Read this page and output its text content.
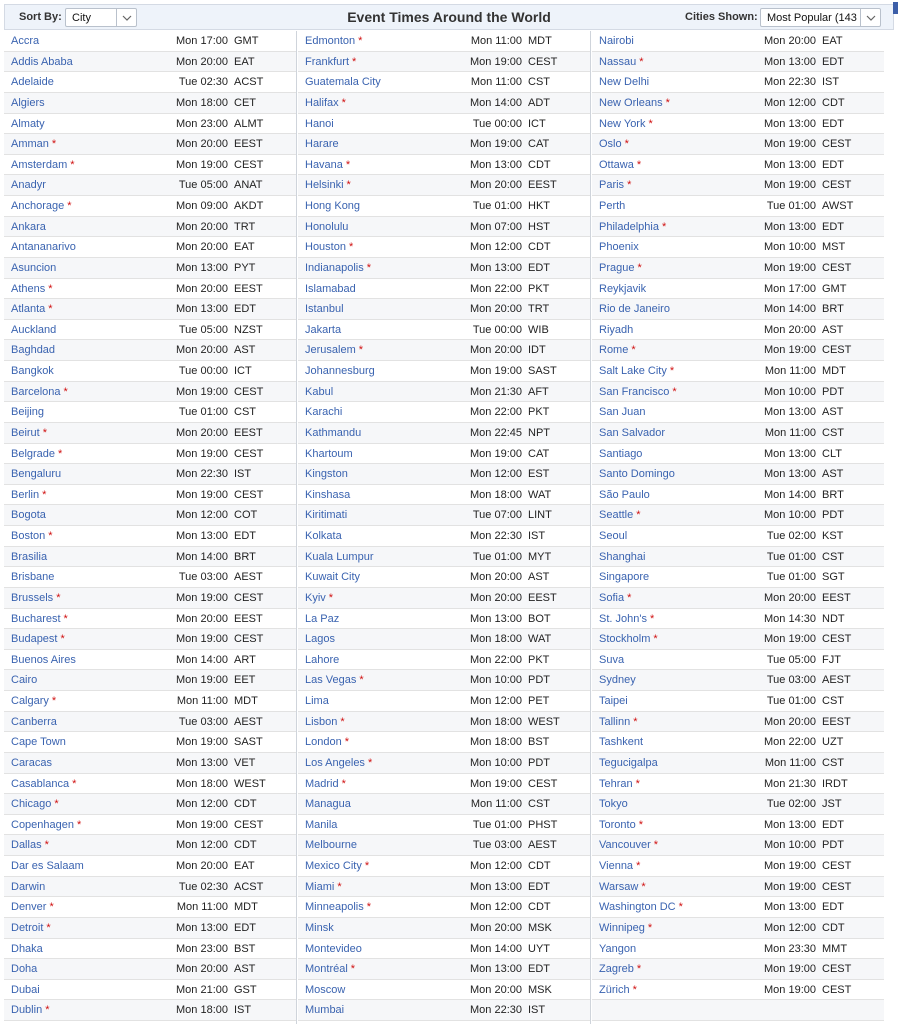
Sort By: City	Event Times Around the World	Cities Shown: Most Popular (143
Accra	Mon 17:00 GMT
Addis Ababa	Mon 20:00 EAT
Adelaide	Tue 02:30 ACST
Algiers	Mon 18:00 CET
Almaty	Mon 23:00 ALMT
Amman *	Mon 20:00 EEST
Amsterdam *	Mon 19:00 CEST
Anadyr	Tue 05:00 ANAT
Anchorage *	Mon 09:00 AKDT
Ankara	Mon 20:00 TRT
Antananarivo	Mon 20:00 EAT
Asuncion	Mon 13:00 PYT
Athens *	Mon 20:00 EEST
Atlanta *	Mon 13:00 EDT
Auckland	Tue 05:00 NZST
Baghdad	Mon 20:00 AST
Bangkok	Tue 00:00 ICT
Barcelona *	Mon 19:00 CEST
Beijing	Tue 01:00 CST
Beirut *	Mon 20:00 EEST
Belgrade *	Mon 19:00 CEST
Bengaluru	Mon 22:30 IST
Berlin *	Mon 19:00 CEST
Bogota	Mon 12:00 COT
Boston *	Mon 13:00 EDT
Brasilia	Mon 14:00 BRT
Brisbane	Tue 03:00 AEST
Brussels *	Mon 19:00 CEST
Bucharest *	Mon 20:00 EEST
Budapest *	Mon 19:00 CEST
Buenos Aires	Mon 14:00 ART
Cairo	Mon 19:00 EET
Calgary *	Mon 11:00 MDT
Canberra	Tue 03:00 AEST
Cape Town	Mon 19:00 SAST
Caracas	Mon 13:00 VET
Casablanca *	Mon 18:00 WEST
Chicago *	Mon 12:00 CDT
Copenhagen *	Mon 19:00 CEST
Dallas *	Mon 12:00 CDT
Dar es Salaam	Mon 20:00 EAT
Darwin	Tue 02:30 ACST
Denver *	Mon 11:00 MDT
Detroit *	Mon 13:00 EDT
Dhaka	Mon 23:00 BST
Doha	Mon 20:00 AST
Dubai	Mon 21:00 GST
Dublin *	Mon 18:00 IST
Edmonton *	Mon 11:00 MDT
Frankfurt *	Mon 19:00 CEST
Guatemala City	Mon 11:00 CST
Halifax *	Mon 14:00 ADT
Hanoi	Tue 00:00 ICT
Harare	Mon 19:00 CAT
Havana *	Mon 13:00 CDT
Helsinki *	Mon 20:00 EEST
Hong Kong	Tue 01:00 HKT
Honolulu	Mon 07:00 HST
Houston *	Mon 12:00 CDT
Indianapolis *	Mon 13:00 EDT
Islamabad	Mon 22:00 PKT
Istanbul	Mon 20:00 TRT
Jakarta	Tue 00:00 WIB
Jerusalem *	Mon 20:00 IDT
Johannesburg	Mon 19:00 SAST
Kabul	Mon 21:30 AFT
Karachi	Mon 22:00 PKT
Kathmandu	Mon 22:45 NPT
Khartoum	Mon 19:00 CAT
Kingston	Mon 12:00 EST
Kinshasa	Mon 18:00 WAT
Kiritimati	Tue 07:00 LINT
Kolkata	Mon 22:30 IST
Kuala Lumpur	Tue 01:00 MYT
Kuwait City	Mon 20:00 AST
Kyiv *	Mon 20:00 EEST
La Paz	Mon 13:00 BOT
Lagos	Mon 18:00 WAT
Lahore	Mon 22:00 PKT
Las Vegas *	Mon 10:00 PDT
Lima	Mon 12:00 PET
Lisbon *	Mon 18:00 WEST
London *	Mon 18:00 BST
Los Angeles *	Mon 10:00 PDT
Madrid *	Mon 19:00 CEST
Managua	Mon 11:00 CST
Manila	Tue 01:00 PHST
Melbourne	Tue 03:00 AEST
Mexico City *	Mon 12:00 CDT
Miami *	Mon 13:00 EDT
Minneapolis *	Mon 12:00 CDT
Minsk	Mon 20:00 MSK
Montevideo	Mon 14:00 UYT
Montréal *	Mon 13:00 EDT
Moscow	Mon 20:00 MSK
Mumbai	Mon 22:30 IST
Nairobi	Mon 20:00 EAT
Nassau *	Mon 13:00 EDT
New Delhi	Mon 22:30 IST
New Orleans *	Mon 12:00 CDT
New York *	Mon 13:00 EDT
Oslo *	Mon 19:00 CEST
Ottawa *	Mon 13:00 EDT
Paris *	Mon 19:00 CEST
Perth	Tue 01:00 AWST
Philadelphia *	Mon 13:00 EDT
Phoenix	Mon 10:00 MST
Prague *	Mon 19:00 CEST
Reykjavik	Mon 17:00 GMT
Rio de Janeiro	Mon 14:00 BRT
Riyadh	Mon 20:00 AST
Rome *	Mon 19:00 CEST
Salt Lake City *	Mon 11:00 MDT
San Francisco *	Mon 10:00 PDT
San Juan	Mon 13:00 AST
San Salvador	Mon 11:00 CST
Santiago	Mon 13:00 CLT
Santo Domingo	Mon 13:00 AST
São Paulo	Mon 14:00 BRT
Seattle *	Mon 10:00 PDT
Seoul	Tue 02:00 KST
Shanghai	Tue 01:00 CST
Singapore	Tue 01:00 SGT
Sofia *	Mon 20:00 EEST
St. John's *	Mon 14:30 NDT
Stockholm *	Mon 19:00 CEST
Suva	Tue 05:00 FJT
Sydney	Tue 03:00 AEST
Taipei	Tue 01:00 CST
Tallinn *	Mon 20:00 EEST
Tashkent	Mon 22:00 UZT
Tegucigalpa	Mon 11:00 CST
Tehran *	Mon 21:30 IRDT
Tokyo	Tue 02:00 JST
Toronto *	Mon 13:00 EDT
Vancouver *	Mon 10:00 PDT
Vienna *	Mon 19:00 CEST
Warsaw *	Mon 19:00 CEST
Washington DC *	Mon 13:00 EDT
Winnipeg *	Mon 12:00 CDT
Yangon	Mon 23:30 MMT
Zagreb *	Mon 19:00 CEST
Zürich *	Mon 19:00 CEST
